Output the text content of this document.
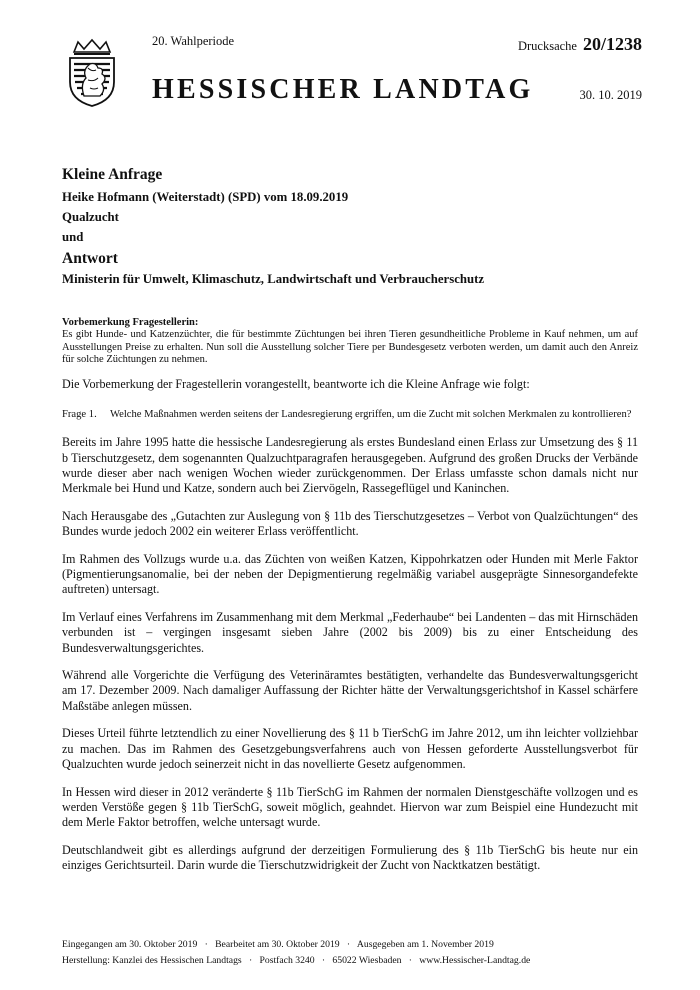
20. Wahlperiode	Drucksache 20/1238
HESSISCHER LANDTAG	30. 10. 2019
Kleine Anfrage
Heike Hofmann (Weiterstadt) (SPD) vom 18.09.2019
Qualzucht
und
Antwort
Ministerin für Umwelt, Klimaschutz, Landwirtschaft und Verbraucherschutz
Vorbemerkung Fragestellerin:
Es gibt Hunde- und Katzenzüchter, die für bestimmte Züchtungen bei ihren Tieren gesundheitliche Probleme in Kauf nehmen, um auf Ausstellungen Preise zu erhalten. Nun soll die Ausstellung solcher Tiere per Bundesgesetz verboten werden, um damit auch den Anreiz für solche Züchtungen zu nehmen.

Die Vorbemerkung der Fragestellerin vorangestellt, beantworte ich die Kleine Anfrage wie folgt:

Frage 1.	Welche Maßnahmen werden seitens der Landesregierung ergriffen, um die Zucht mit solchen Merkmalen zu kontrollieren?

Bereits im Jahre 1995 hatte die hessische Landesregierung als erstes Bundesland einen Erlass zur Umsetzung des § 11 b Tierschutzgesetz, dem sogenannten Qualzuchtparagrafen herausgegeben. Aufgrund des großen Drucks der Verbände wurde dieser aber nach wenigen Wochen wieder zurückgenommen. Der Erlass umfasste schon damals nicht nur Merkmale bei Hund und Katze, sondern auch bei Ziervögeln, Rassegeflügel und Kaninchen.

Nach Herausgabe des „Gutachten zur Auslegung von § 11b des Tierschutzgesetzes – Verbot von Qualzüchtungen“ des Bundes wurde jedoch 2002 ein weiterer Erlass veröffentlicht.

Im Rahmen des Vollzugs wurde u.a. das Züchten von weißen Katzen, Kippohrkatzen oder Hunden mit Merle Faktor (Pigmentierungsanomalie, bei der neben der Depigmentierung regelmäßig variabel ausgeprägte Sinnesorgandefekte auftreten) untersagt.

Im Verlauf eines Verfahrens im Zusammenhang mit dem Merkmal „Federhaube“ bei Landenten – das mit Hirnschäden verbunden ist – vergingen insgesamt sieben Jahre (2002 bis 2009) bis zu einer Entscheidung des Bundesverwaltungsgerichtes.

Während alle Vorgerichte die Verfügung des Veterinäramtes bestätigten, verhandelte das Bundesverwaltungsgericht am 17. Dezember 2009. Nach damaliger Auffassung der Richter hätte der Verwaltungsgerichtshof in Kassel schärfere Maßstäbe anlegen müssen.

Dieses Urteil führte letztendlich zu einer Novellierung des § 11 b TierSchG im Jahre 2012, um ihn leichter vollziehbar zu machen. Das im Rahmen des Gesetzgebungsverfahrens auch von Hessen geforderte Ausstellungsverbot für Qualzuchten wurde jedoch seinerzeit nicht in das novellierte Gesetz aufgenommen.

In Hessen wird dieser in 2012 veränderte § 11b TierSchG im Rahmen der normalen Dienstgeschäfte vollzogen und es werden Verstöße gegen § 11b TierSchG, soweit möglich, geahndet. Hiervon war zum Beispiel eine Hundezucht mit dem Merle Faktor betroffen, welche untersagt wurde.

Deutschlandweit gibt es allerdings aufgrund der derzeitigen Formulierung des § 11b TierSchG bis heute nur ein einziges Gerichtsurteil. Darin wurde die Tierschutzwidrigkeit der Zucht von Nacktkatzen bestätigt.

Eingegangen am 30. Oktober 2019   ·   Bearbeitet am 30. Oktober 2019   ·   Ausgegeben am 1. November 2019
Herstellung: Kanzlei des Hessischen Landtags   ·   Postfach 3240   ·   65022 Wiesbaden   ·   www.Hessischer-Landtag.de
